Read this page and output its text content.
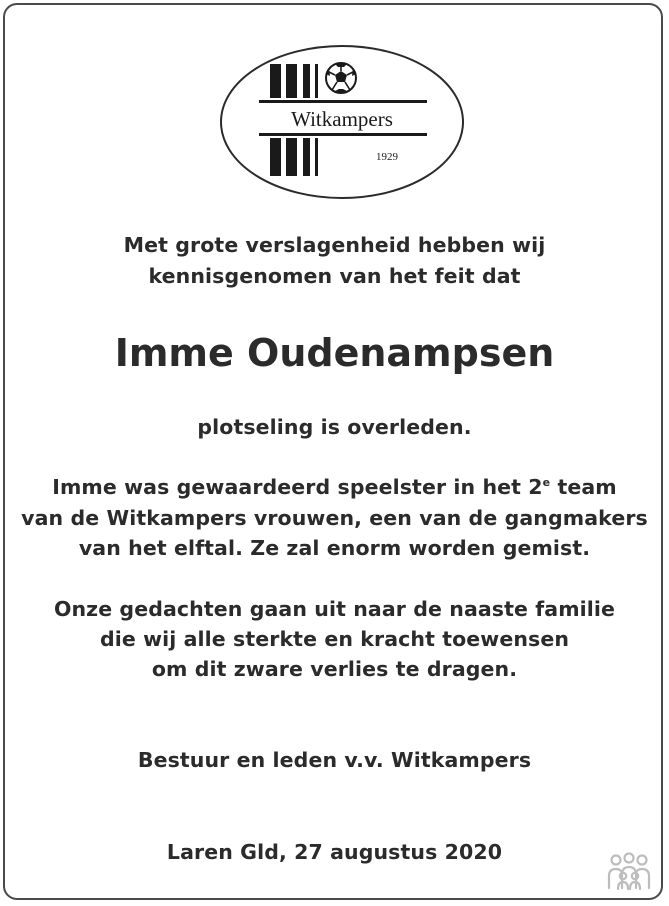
Witkampers
1929
Met grote verslagenheid hebben wij
kennisgenomen van het feit dat
Imme Oudenampsen
plotseling is overleden.
Imme was gewaardeerd speelster in het 2e team
van de Witkampers vrouwen, een van de gangmakers
van het elftal. Ze zal enorm worden gemist.
Onze gedachten gaan uit naar de naaste familie
die wij alle sterkte en kracht toewensen
om dit zware verlies te dragen.
Bestuur en leden v.v. Witkampers
Laren Gld, 27 augustus 2020
